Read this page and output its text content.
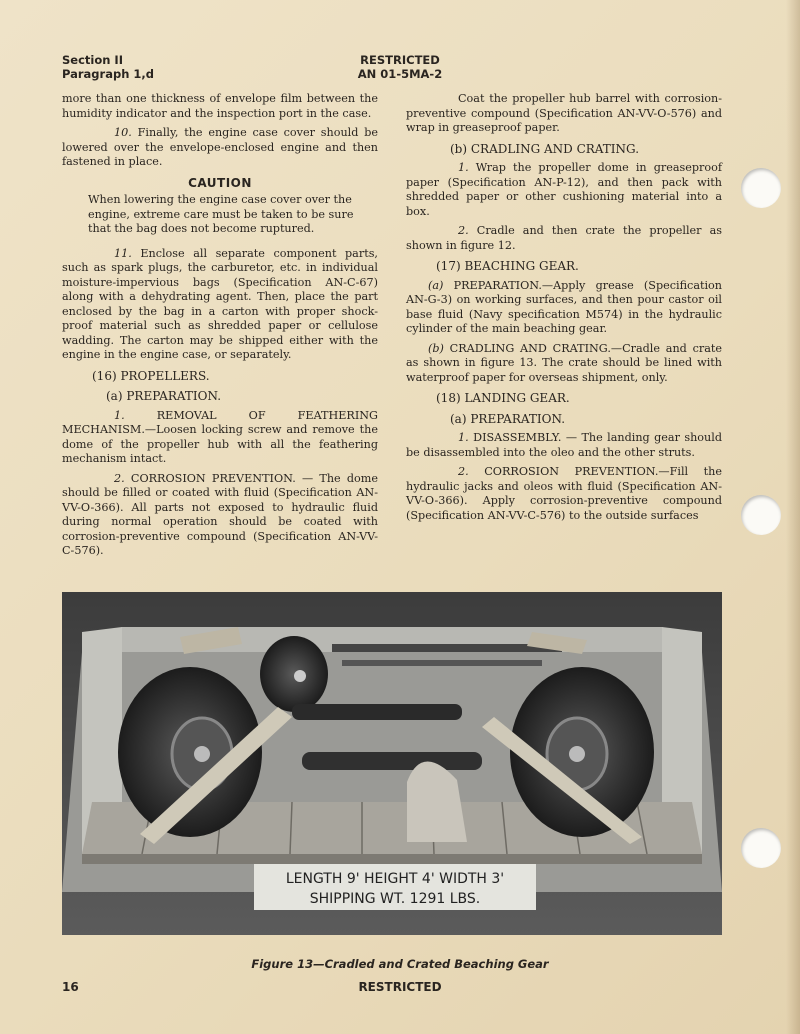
Section II
Paragraph 1,d
RESTRICTED
AN 01-5MA-2

more than one thickness of envelope film between the humidity indicator and the inspection port in the case.

10. Finally, the engine case cover should be lowered over the envelope-enclosed engine and then fastened in place.

CAUTION

When lowering the engine case cover over the engine, extreme care must be taken to be sure that the bag does not become ruptured.

11. Enclose all separate component parts, such as spark plugs, the carburetor, etc. in individual moisture-impervious bags (Specification AN-C-67) along with a dehydrating agent. Then, place the part enclosed by the bag in a carton with proper shock-proof material such as shredded paper or cellulose wadding. The carton may be shipped either with the engine in the engine case, or separately.

(16) PROPELLERS.

(a) PREPARATION.

1. REMOVAL OF FEATHERING MECHANISM.—Loosen locking screw and remove the dome of the propeller hub with all the feathering mechanism intact.

2. CORROSION PREVENTION. — The dome should be filled or coated with fluid (Specification AN-VV-O-366). All parts not exposed to hydraulic fluid during normal operation should be coated with corrosion-preventive compound (Specification AN-VV-C-576).

Coat the propeller hub barrel with corrosion-preventive compound (Specification AN-VV-O-576) and wrap in greaseproof paper.

(b) CRADLING AND CRATING.

1. Wrap the propeller dome in greaseproof paper (Specification AN-P-12), and then pack with shredded paper or other cushioning material into a box.

2. Cradle and then crate the propeller as shown in figure 12.

(17) BEACHING GEAR.

(a) PREPARATION.—Apply grease (Specification AN-G-3) on working surfaces, and then pour castor oil base fluid (Navy specification M574) in the hydraulic cylinder of the main beaching gear.

(b) CRADLING AND CRATING.—Cradle and crate as shown in figure 13. The crate should be lined with waterproof paper for overseas shipment, only.

(18) LANDING GEAR.

(a) PREPARATION.

1. DISASSEMBLY. — The landing gear should be disassembled into the oleo and the other struts.

2. CORROSION PREVENTION.—Fill the hydraulic jacks and oleos with fluid (Specification AN-VV-O-366). Apply corrosion-preventive compound (Specification AN-VV-C-576) to the outside surfaces

LENGTH 9' HEIGHT 4' WIDTH 3'
SHIPPING WT. 1291 LBS.
Figure 13—Cradled and Crated Beaching Gear
16	RESTRICTED
